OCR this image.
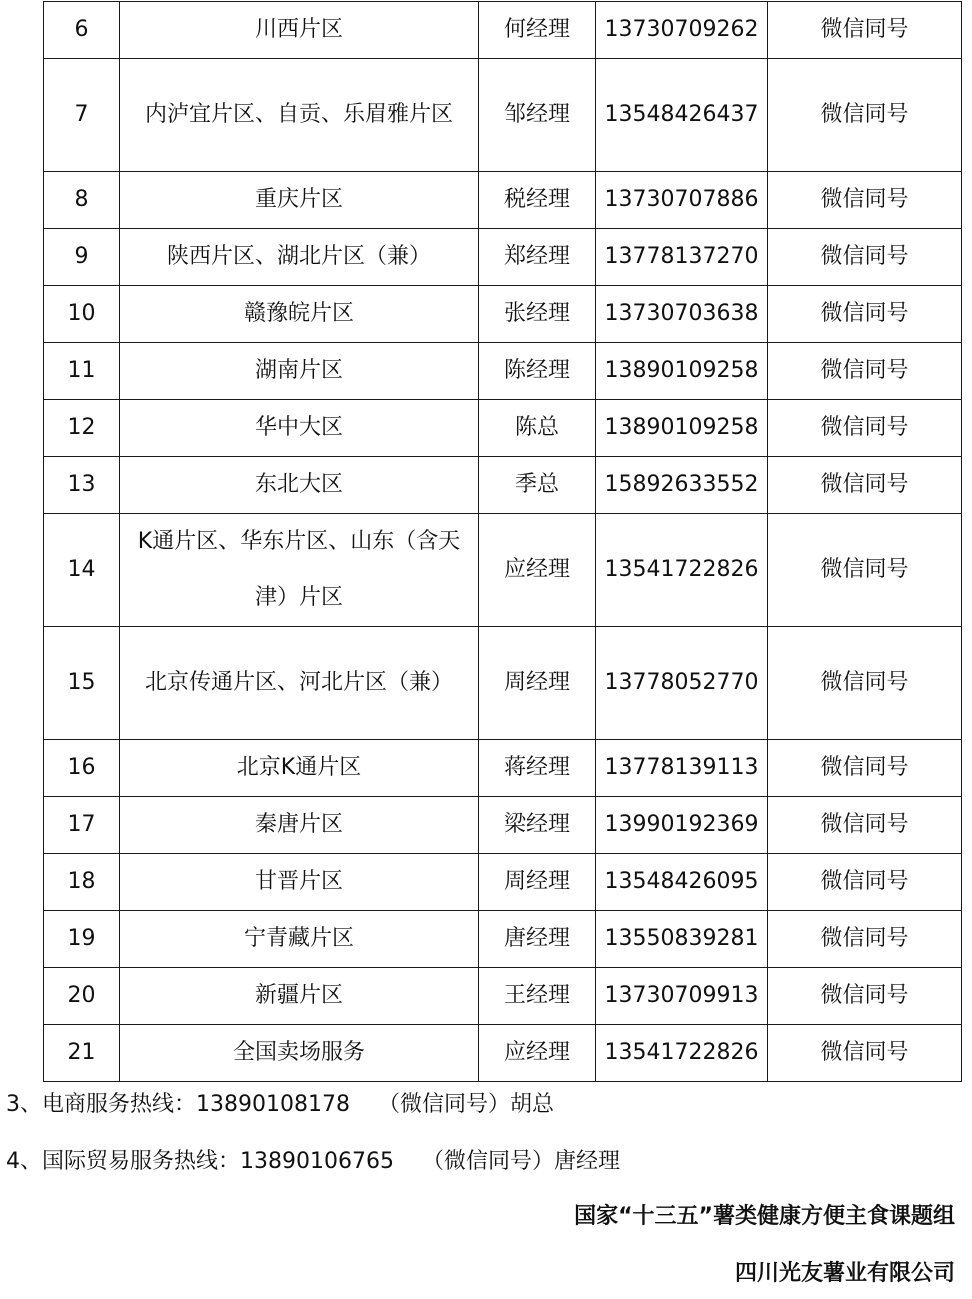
6	川西片区	何经理	13730709262	微信同号
7	内泸宜片区、自贡、乐眉雅片区	邹经理	13548426437	微信同号
8	重庆片区	税经理	13730707886	微信同号
9	陕西片区、湖北片区（兼）	郑经理	13778137270	微信同号
10	赣豫皖片区	张经理	13730703638	微信同号
11	湖南片区	陈经理	13890109258	微信同号
12	华中大区	陈总	13890109258	微信同号
13	东北大区	季总	15892633552	微信同号
14	K通片区、华东片区、山东（含天津）片区	应经理	13541722826	微信同号
15	北京传通片区、河北片区（兼）	周经理	13778052770	微信同号
16	北京K通片区	蒋经理	13778139113	微信同号
17	秦唐片区	梁经理	13990192369	微信同号
18	甘晋片区	周经理	13548426095	微信同号
19	宁青藏片区	唐经理	13550839281	微信同号
20	新疆片区	王经理	13730709913	微信同号
21	全国卖场服务	应经理	13541722826	微信同号
3、电商服务热线：13890108178    （微信同号）胡总
4、国际贸易服务热线：13890106765    （微信同号）唐经理
国家“十三五”薯类健康方便主食课题组
四川光友薯业有限公司
